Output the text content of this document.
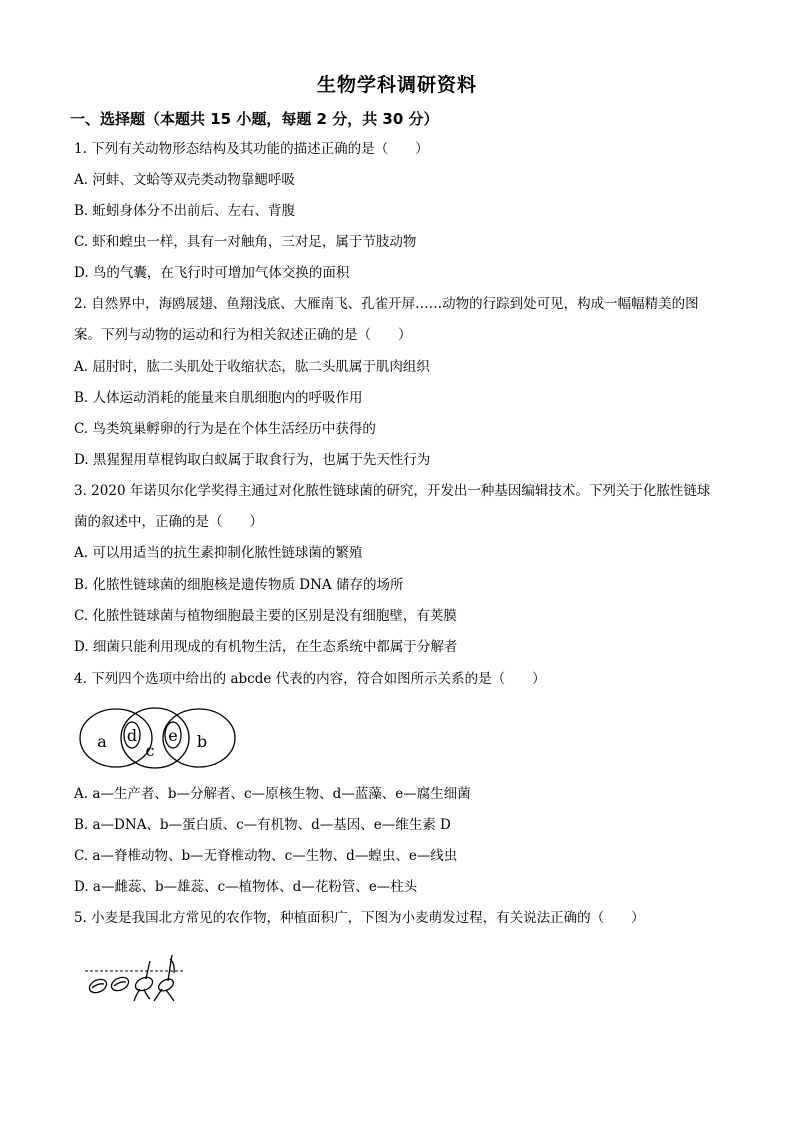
生物学科调研资料
一、选择题（本题共 15 小题，每题 2 分，共 30 分）
1. 下列有关动物形态结构及其功能的描述正确的是（　　）
A. 河蚌、文蛤等双壳类动物靠鳃呼吸
B. 蚯蚓身体分不出前后、左右、背腹
C. 虾和蝗虫一样，具有一对触角，三对足，属于节肢动物
D. 鸟的气囊，在飞行时可增加气体交换的面积
2. 自然界中，海鸥展翅、鱼翔浅底、大雁南飞、孔雀开屏……动物的行踪到处可见，构成一幅幅精美的图
案。下列与动物的运动和行为相关叙述正确的是（　　）
A. 屈肘时，肱二头肌处于收缩状态，肱二头肌属于肌肉组织
B. 人体运动消耗的能量来自肌细胞内的呼吸作用
C. 鸟类筑巢孵卵的行为是在个体生活经历中获得的
D. 黑猩猩用草棍钩取白蚁属于取食行为，也属于先天性行为
3. 2020 年诺贝尔化学奖得主通过对化脓性链球菌的研究，开发出一种基因编辑技术。下列关于化脓性链球
菌的叙述中，正确的是（　　）
A. 可以用适当的抗生素抑制化脓性链球菌的繁殖
B. 化脓性链球菌的细胞核是遗传物质 DNA 储存的场所
C. 化脓性链球菌与植物细胞最主要的区别是没有细胞壁，有荚膜
D. 细菌只能利用现成的有机物生活，在生态系统中都属于分解者
4. 下列四个选项中给出的 abcde 代表的内容，符合如图所示关系的是（　　）
a d
c
e b
A. a—生产者、b—分解者、c—原核生物、d—蓝藻、e—腐生细菌
B. a—DNA、b—蛋白质、c—有机物、d—基因、e—维生素 D
C. a—脊椎动物、b—无脊椎动物、c—生物、d—蝗虫、e—线虫
D. a—雌蕊、b—雄蕊、c—植物体、d—花粉管、e—柱头
5. 小麦是我国北方常见的农作物，种植面积广，下图为小麦萌发过程，有关说法正确的（　　）
